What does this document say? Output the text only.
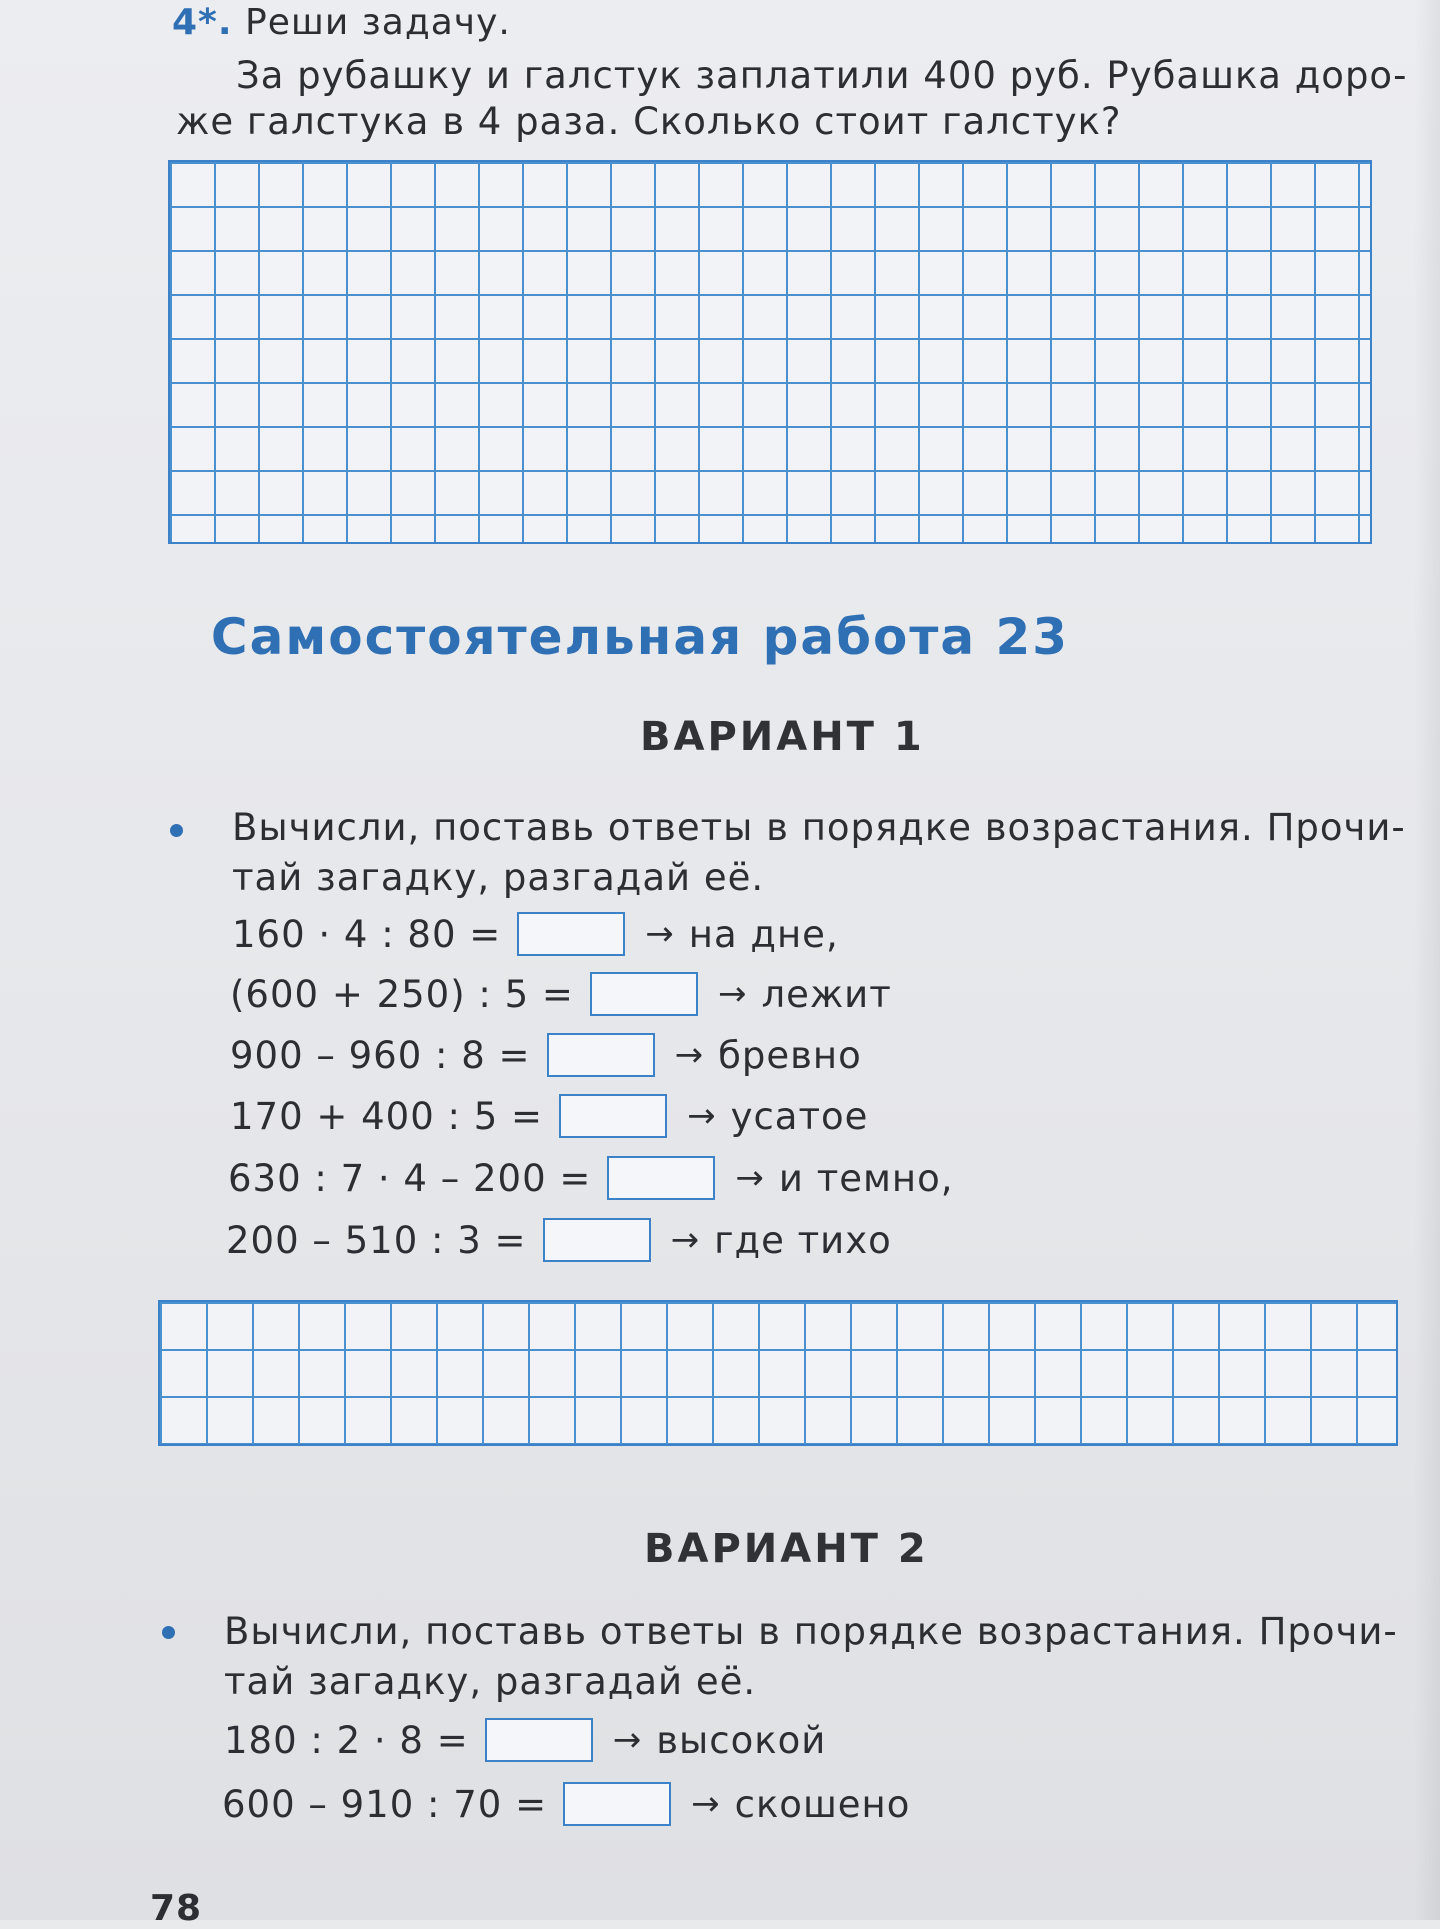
4*. Реши задачу.
За рубашку и галстук заплатили 400 руб. Рубашка доро-
же галстука в 4 раза. Сколько стоит галстук?
Самостоятельная работа 23
ВАРИАНТ 1
Вычисли, поставь ответы в порядке возрастания. Прочи-
тай загадку, разгадай её.
160 · 4 : 80 =	→ на дне,
(600 + 250) : 5 =	→ лежит
900 – 960 : 8 =	→ бревно
170 + 400 : 5 =	→ усатое
630 : 7 · 4 – 200 =	→ и темно,
200 – 510 : 3 =	→ где тихо
ВАРИАНТ 2
Вычисли, поставь ответы в порядке возрастания. Прочи-
тай загадку, разгадай её.
180 : 2 · 8 =	→ высокой
600 – 910 : 70 =	→ скошено
78
